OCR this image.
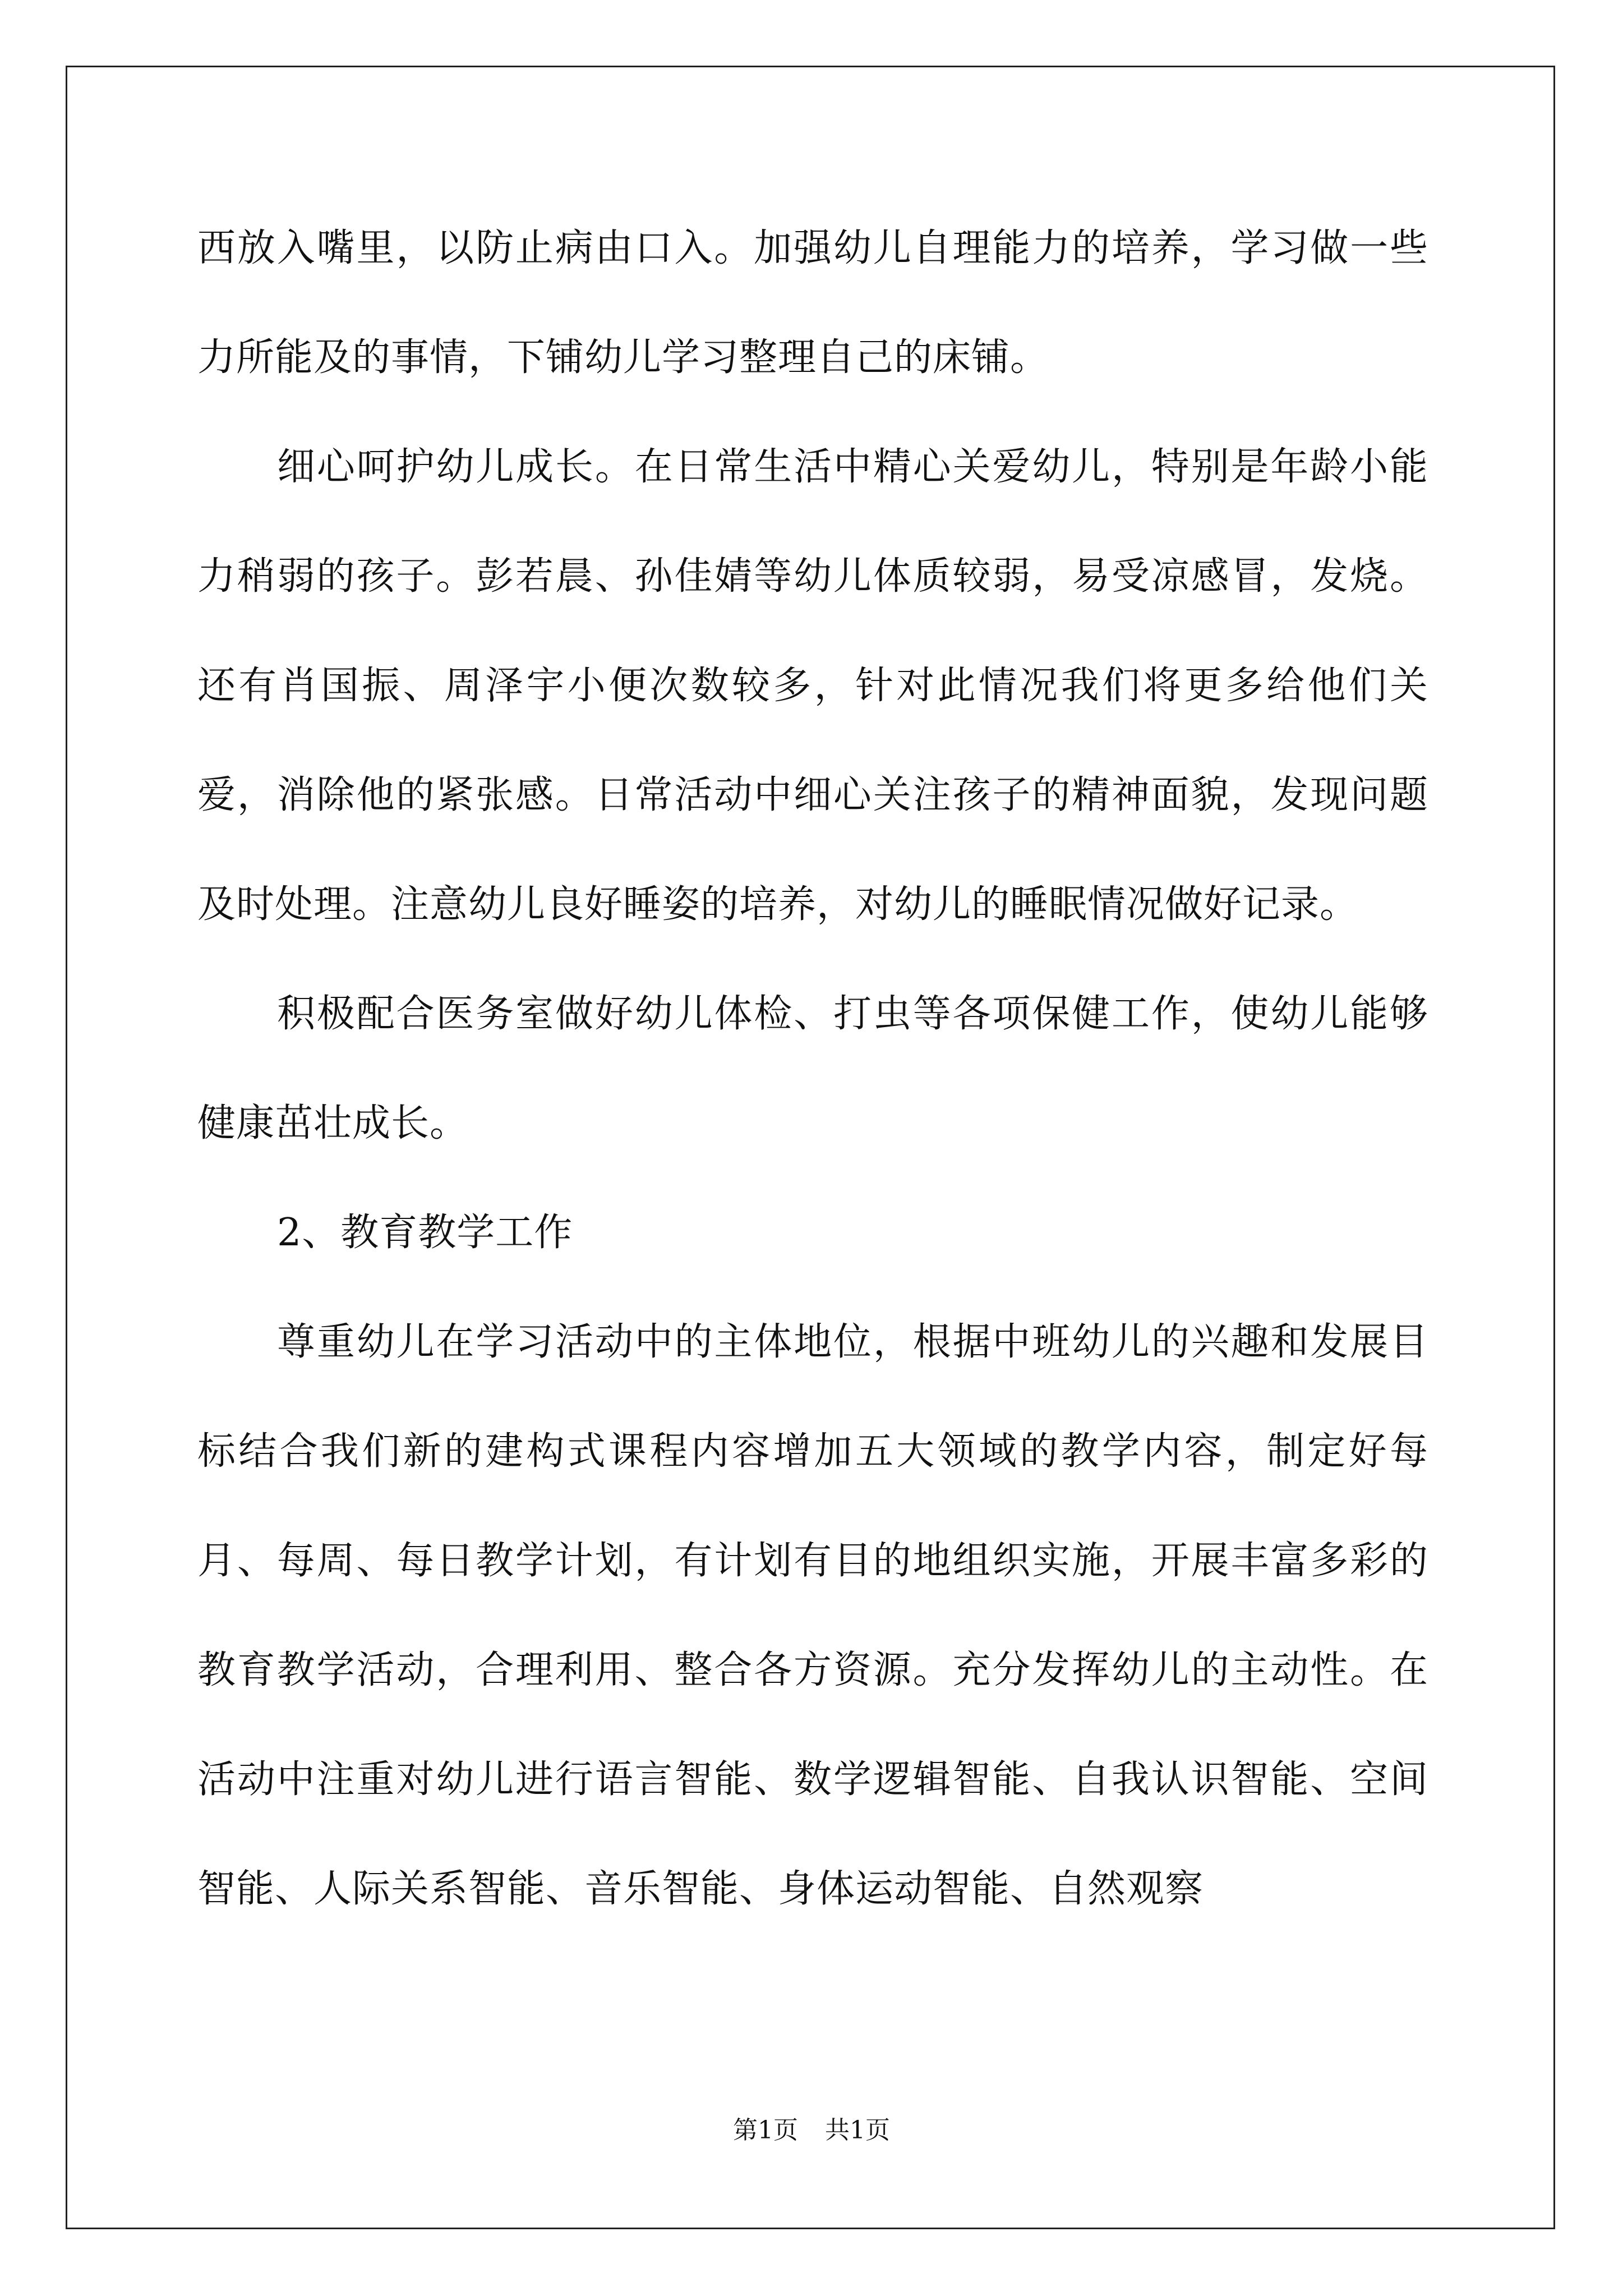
西放入嘴里，以防止病由口入。加强幼儿自理能力的培养，学习做一些力所能及的事情，下铺幼儿学习整理自己的床铺。

细心呵护幼儿成长。在日常生活中精心关爱幼儿，特别是年龄小能力稍弱的孩子。彭若晨、孙佳婧等幼儿体质较弱，易受凉感冒，发烧。还有肖国振、周泽宇小便次数较多，针对此情况我们将更多给他们关爱，消除他的紧张感。日常活动中细心关注孩子的精神面貌，发现问题及时处理。注意幼儿良好睡姿的培养，对幼儿的睡眠情况做好记录。

积极配合医务室做好幼儿体检、打虫等各项保健工作，使幼儿能够健康茁壮成长。

2、教育教学工作

尊重幼儿在学习活动中的主体地位，根据中班幼儿的兴趣和发展目标结合我们新的建构式课程内容增加五大领域的教学内容，制定好每月、每周、每日教学计划，有计划有目的地组织实施，开展丰富多彩的教育教学活动，合理利用、整合各方资源。充分发挥幼儿的主动性。在活动中注重对幼儿进行语言智能、数学逻辑智能、自我认识智能、空间智能、人际关系智能、音乐智能、身体运动智能、自然观察

第1页 共1页
